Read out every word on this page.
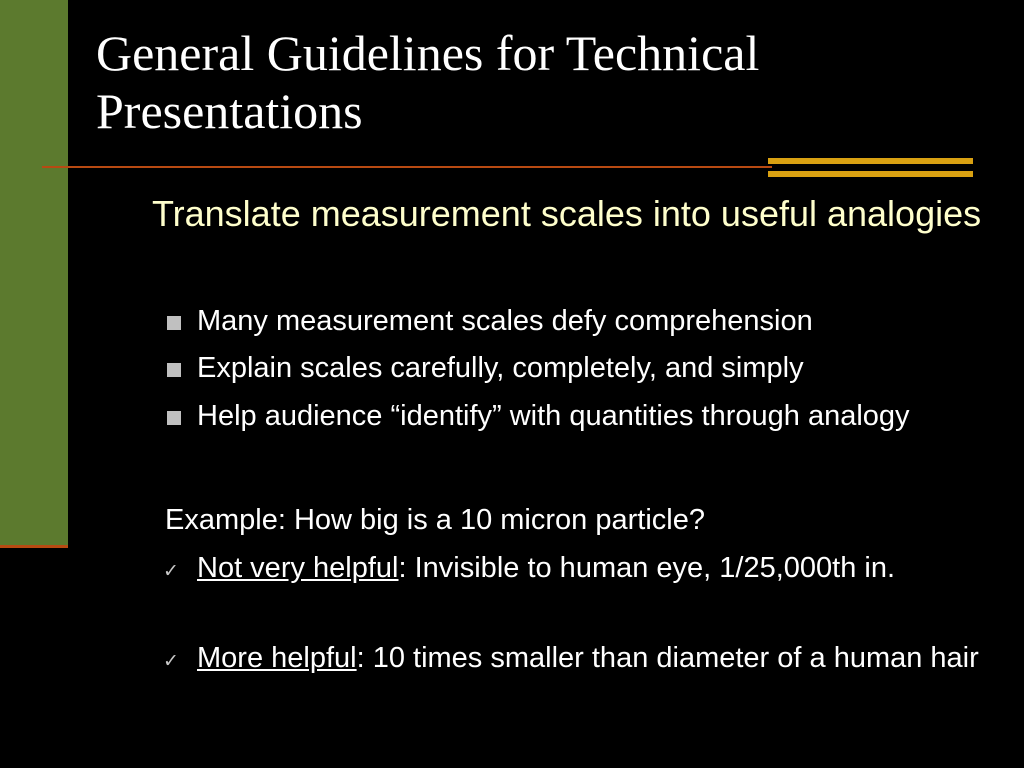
General Guidelines for Technical Presentations
Translate measurement scales into useful analogies
Many measurement scales defy comprehension
Explain scales carefully, completely, and simply
Help audience “identify” with quantities through analogy
Example: How big is a 10 micron particle?
✓ Not very helpful: Invisible to human eye, 1/25,000th in.
✓ More helpful: 10 times smaller than diameter of a human hair
